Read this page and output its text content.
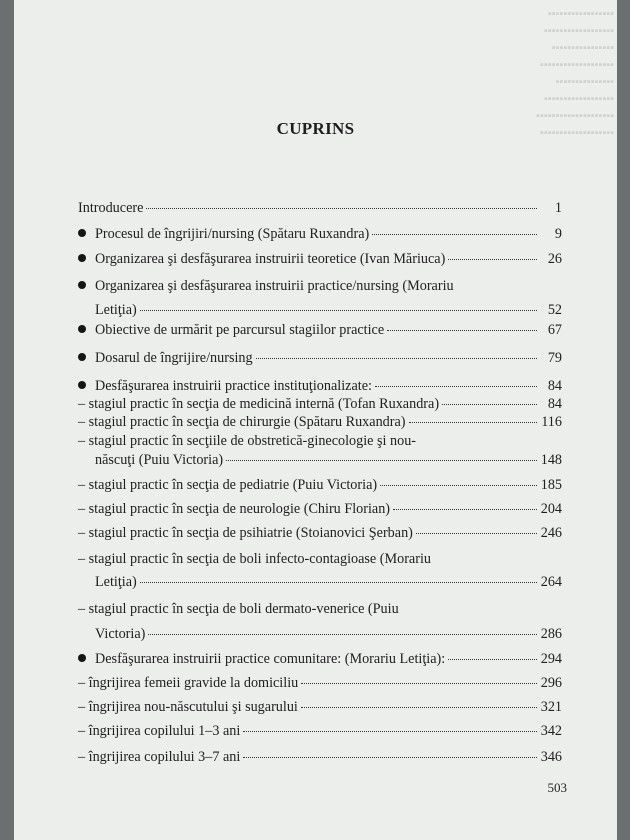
▪▪▪▪▪▪▪▪▪▪▪▪▪▪▪▪▪
▪▪▪▪▪▪▪▪▪▪▪▪▪▪▪▪▪▪
▪▪▪▪▪▪▪▪▪▪▪▪▪▪▪▪
▪▪▪▪▪▪▪▪▪▪▪▪▪▪▪▪▪▪▪
▪▪▪▪▪▪▪▪▪▪▪▪▪▪▪
▪▪▪▪▪▪▪▪▪▪▪▪▪▪▪▪▪▪
▪▪▪▪▪▪▪▪▪▪▪▪▪▪▪▪▪▪▪▪
▪▪▪▪▪▪▪▪▪▪▪▪▪▪▪▪▪▪▪
CUPRINS
Introducere	1
Procesul de îngrijiri/nursing (Spătaru Ruxandra)	9
Organizarea şi desfăşurarea instruirii teoretice (Ivan Măriuca)	26
Organizarea şi desfăşurarea instruirii practice/nursing (Morariu
Letiţia)	52
Obiective de urmărit pe parcursul stagiilor practice	67
Dosarul de îngrijire/nursing	79
Desfăşurarea instruirii practice instituţionalizate:	84
– stagiul practic în secţia de medicină internă (Tofan Ruxandra)	84
– stagiul practic în secţia de chirurgie (Spătaru Ruxandra)	116
– stagiul practic în secţiile de obstretică-ginecologie şi nou-
născuţi (Puiu Victoria)	148
– stagiul practic în secţia de pediatrie (Puiu Victoria)	185
– stagiul practic în secţia de neurologie (Chiru Florian)	204
– stagiul practic în secţia de psihiatrie (Stoianovici Şerban)	246
– stagiul practic în secţia de boli infecto-contagioase (Morariu
Letiţia)	264
– stagiul practic în secţia de boli dermato-venerice (Puiu
Victoria)	286
Desfăşurarea instruirii practice comunitare: (Morariu Letiţia):	294
– îngrijirea femeii gravide la domiciliu	296
– îngrijirea nou-născutului şi sugarului	321
– îngrijirea copilului 1–3 ani	342
– îngrijirea copilului 3–7 ani	346
503
